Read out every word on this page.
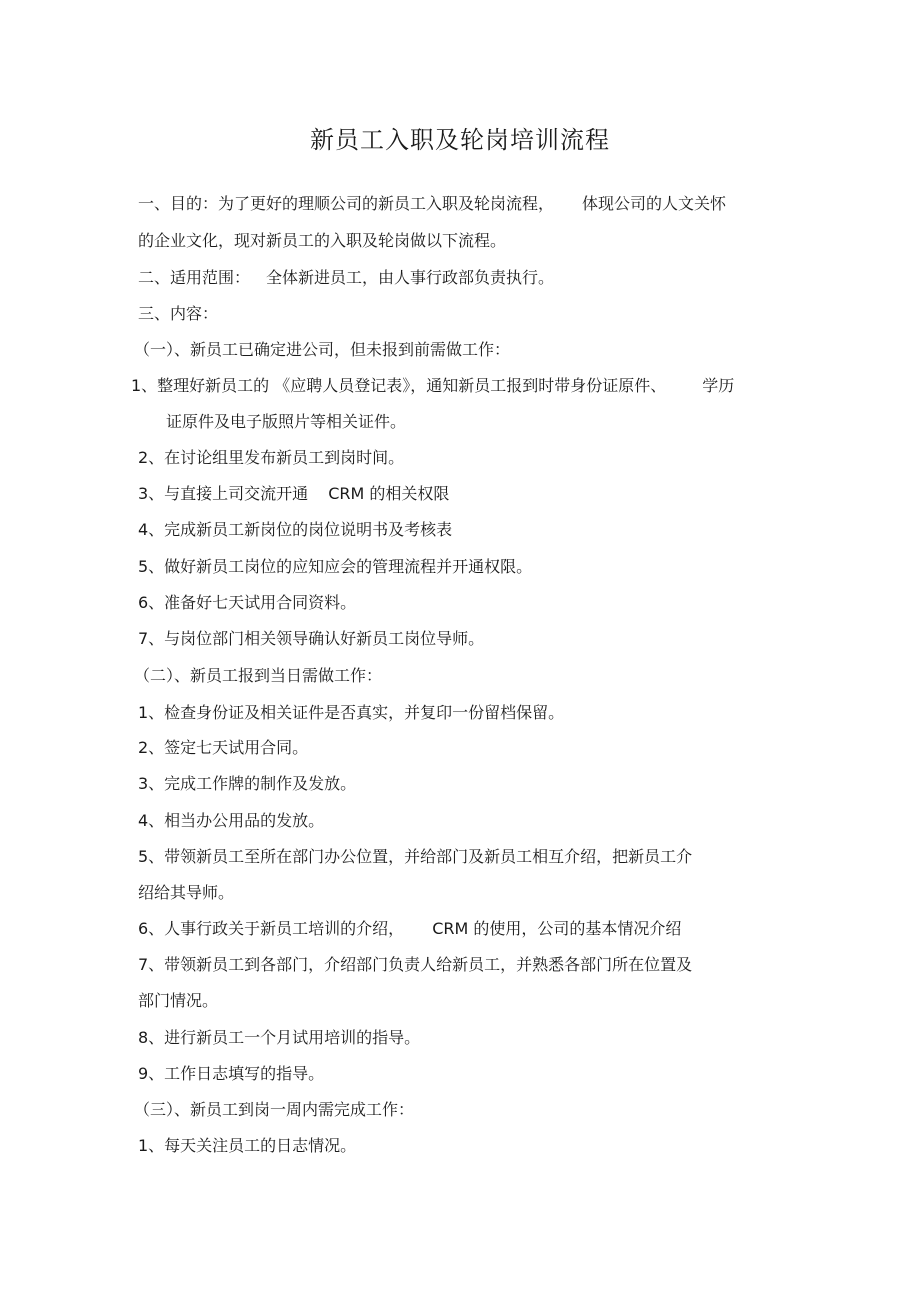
新员工入职及轮岗培训流程
一、目的：为了更好的理顺公司的新员工入职及轮岗流程， 体现公司的人文关怀
的企业文化，现对新员工的入职及轮岗做以下流程。
二、适用范围： 全体新进员工，由人事行政部负责执行。
三、内容：
（一）、新员工已确定进公司，但未报到前需做工作：
1、整理好新员工的 《应聘人员登记表》，通知新员工报到时带身份证原件、 学历
证原件及电子版照片等相关证件。
2、在讨论组里发布新员工到岗时间。
3、与直接上司交流开通 CRM 的相关权限
4、完成新员工新岗位的岗位说明书及考核表
5、做好新员工岗位的应知应会的管理流程并开通权限。
6、准备好七天试用合同资料。
7、与岗位部门相关领导确认好新员工岗位导师。
（二）、新员工报到当日需做工作：
1、检查身份证及相关证件是否真实，并复印一份留档保留。
2、签定七天试用合同。
3、完成工作牌的制作及发放。
4、相当办公用品的发放。
5、带领新员工至所在部门办公位置，并给部门及新员工相互介绍，把新员工介
绍给其导师。
6、人事行政关于新员工培训的介绍， CRM 的使用，公司的基本情况介绍
7、带领新员工到各部门，介绍部门负责人给新员工，并熟悉各部门所在位置及
部门情况。
8、进行新员工一个月试用培训的指导。
9、工作日志填写的指导。
（三）、新员工到岗一周内需完成工作：
1、每天关注员工的日志情况。
